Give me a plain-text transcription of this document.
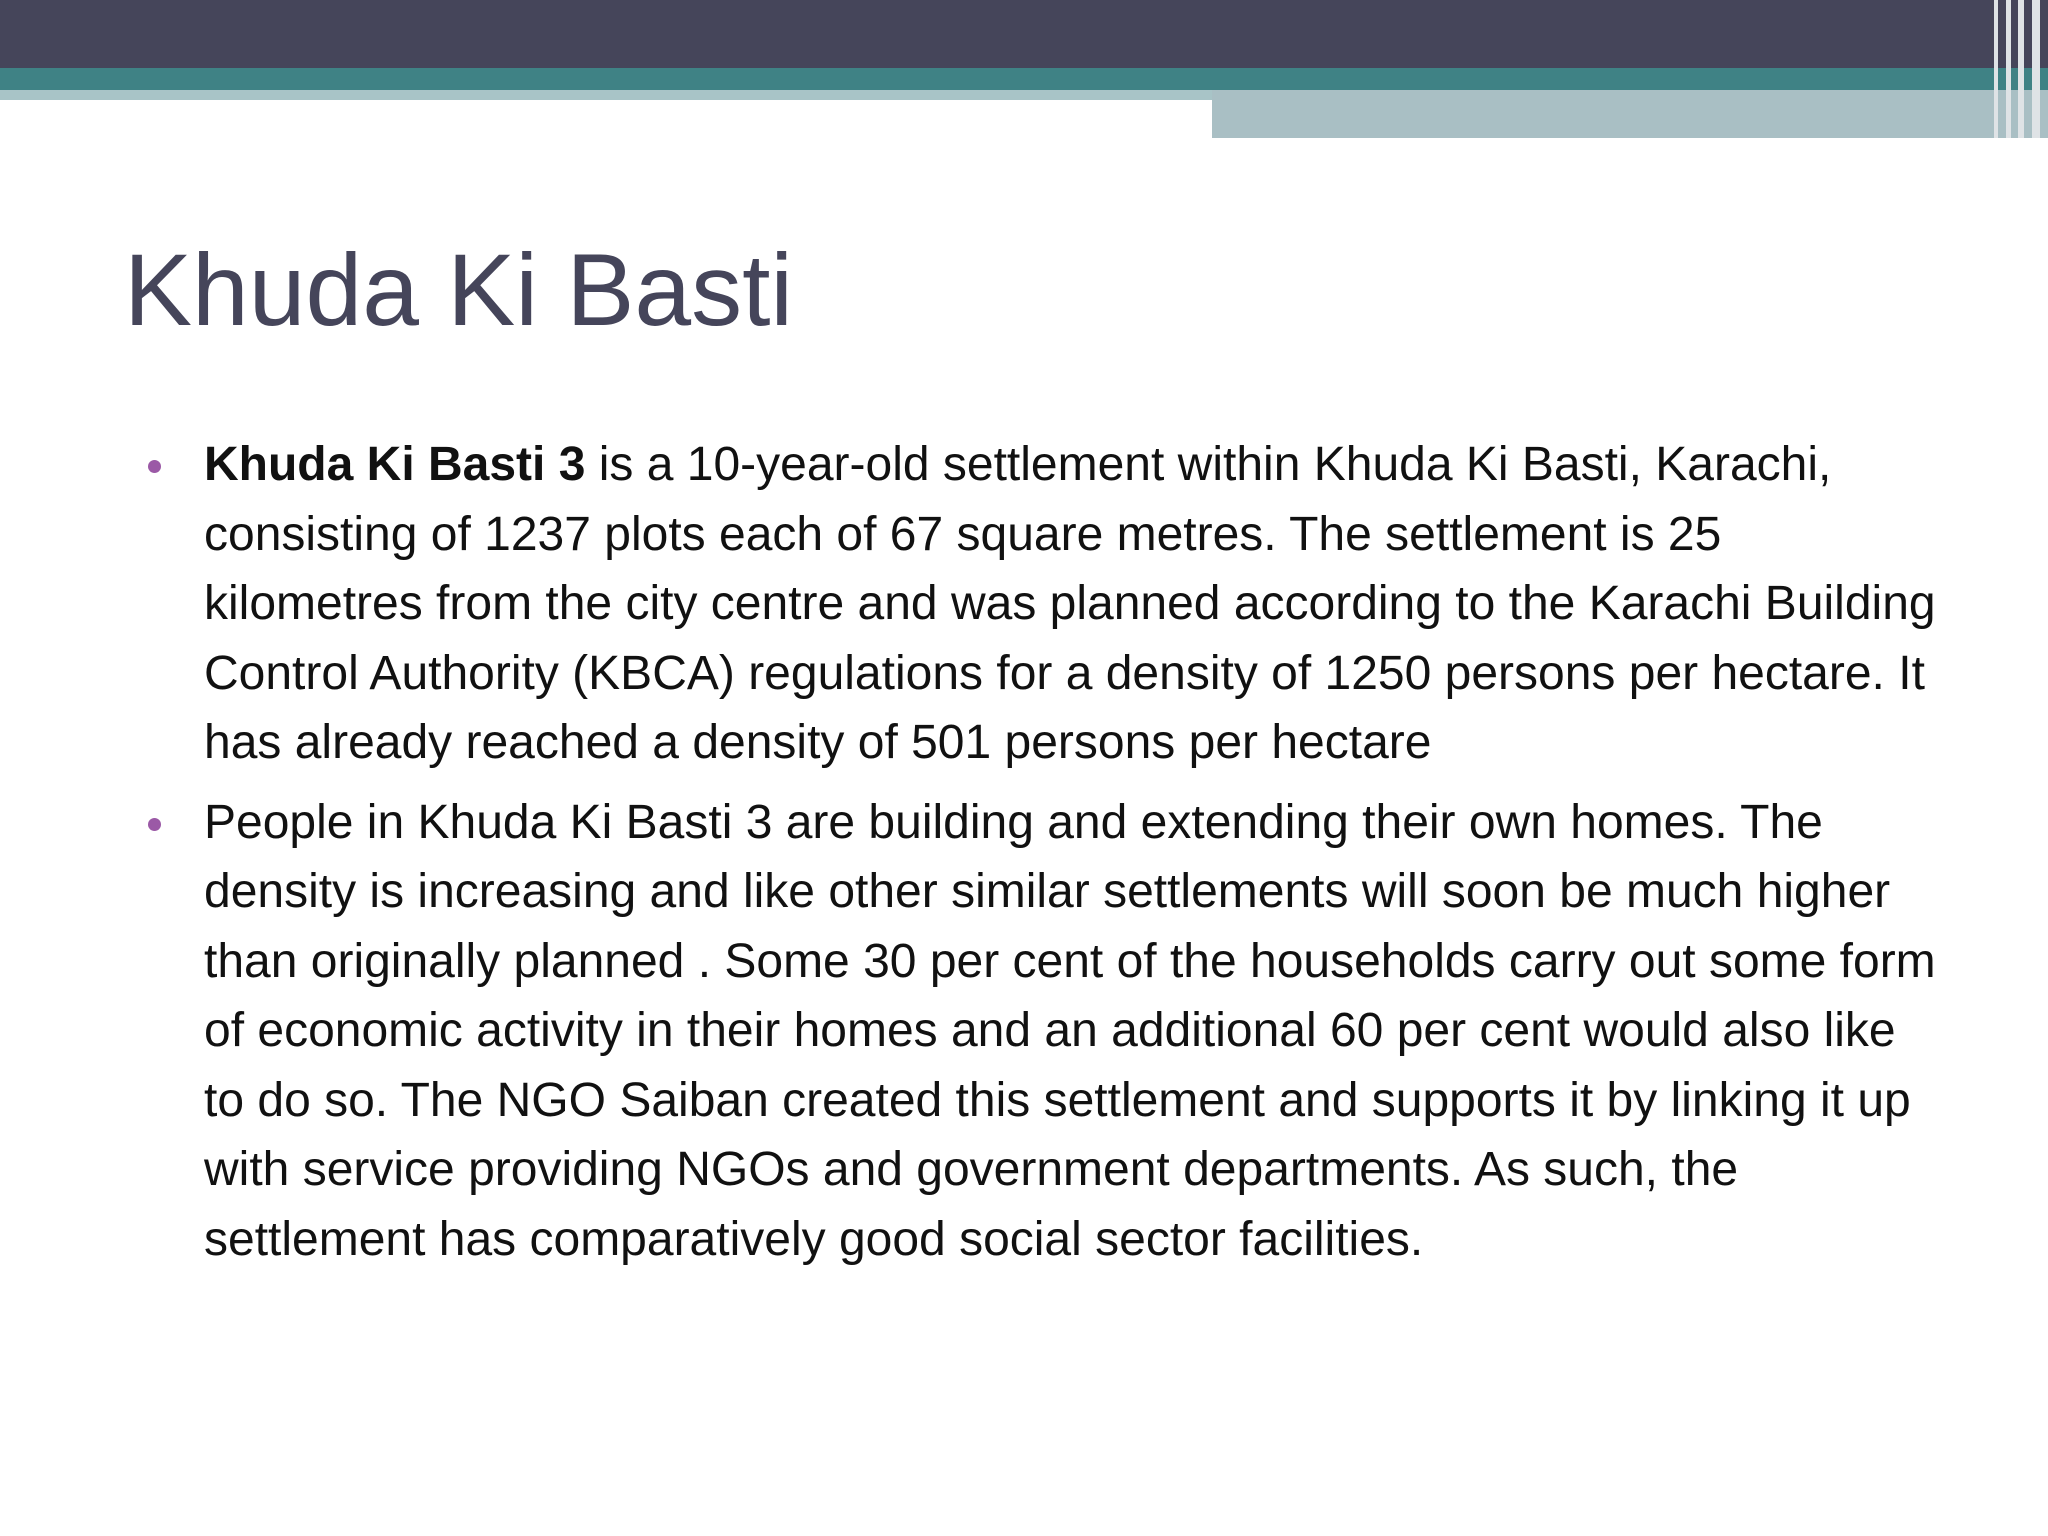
Khuda Ki Basti
Khuda Ki Basti 3 is a 10-year-old settlement within Khuda Ki Basti, Karachi, consisting of 1237 plots each of 67 square metres. The settlement is 25 kilometres from the city centre and was planned according to the Karachi Building Control Authority (KBCA) regulations for a density of 1250 persons per hectare. It has already reached a density of 501 persons per hectare
People in Khuda Ki Basti 3 are building and extending their own homes. The density is increasing and like other similar settlements will soon be much higher than originally planned . Some 30 per cent of the households carry out some form of economic activity in their homes and an additional 60 per cent would also like to do so. The NGO Saiban created this settlement and supports it by linking it up with service providing NGOs and government departments. As such, the settlement has comparatively good social sector facilities.
